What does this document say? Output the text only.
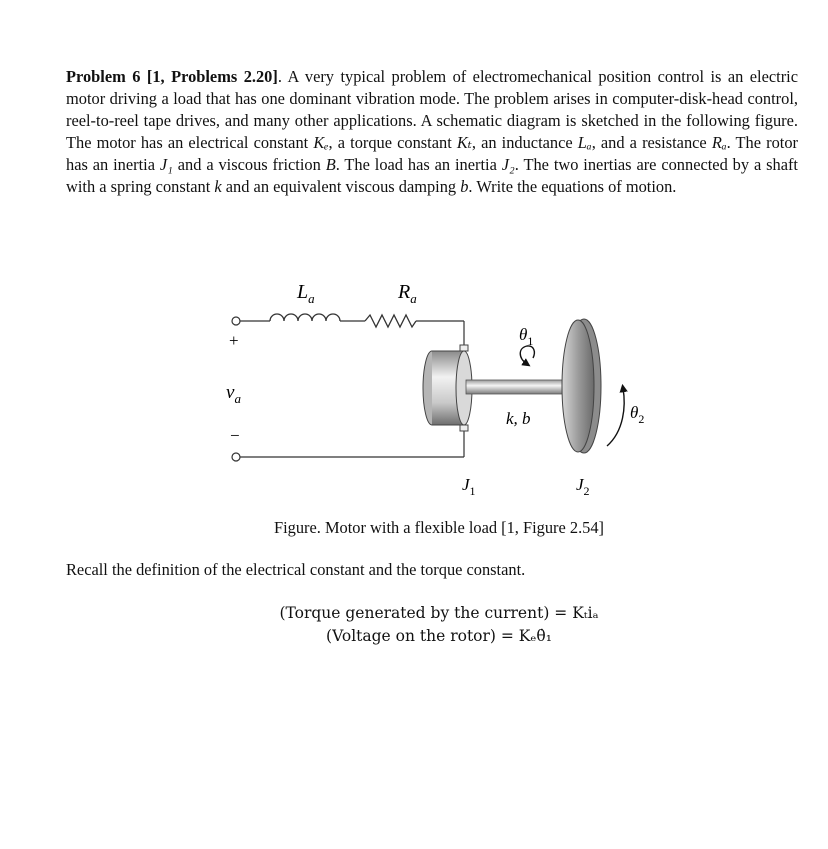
Problem 6 [1, Problems 2.20]. A very typical problem of electromechanical position control is an electric motor driving a load that has one dominant vibration mode. The problem arises in computer-disk-head control, reel-to-reel tape drives, and many other applications. A schematic diagram is sketched in the following figure. The motor has an electrical constant Kₑ, a torque constant Kₜ, an inductance Lₐ, and a resistance Rₐ. The rotor has an inertia J₁ and a viscous friction B. The load has an inertia J₂. The two inertias are connected by a shaft with a spring constant k and an equivalent viscous damping b. Write the equations of motion.
$L_a$	$R_a$
+
−
$v_a$
$\theta_1$
$\theta_2$
k, b
$J_1$	$J_2$
Figure. Motor with a flexible load [1, Figure 2.54]
Recall the definition of the electrical constant and the torque constant.
(Torque generated by the current) = Kₜiₐ
(Voltage on the rotor) = Kₑθ̇₁
